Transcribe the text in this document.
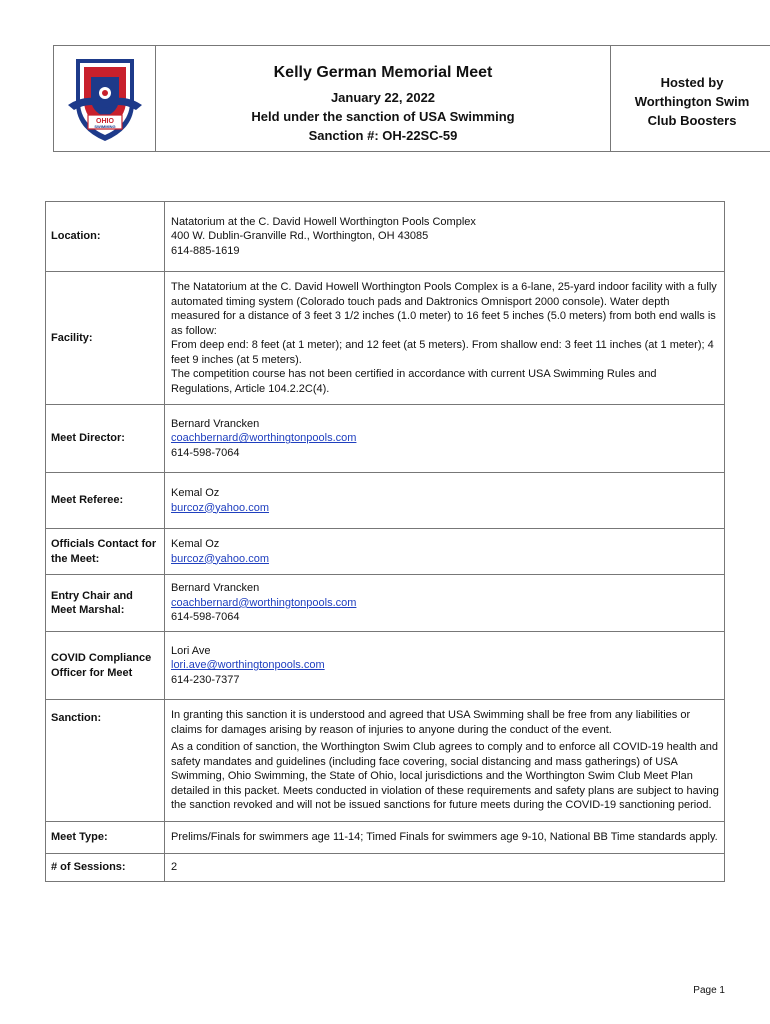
OHIO
SWIMMING
Kelly German Memorial Meet
January 22, 2022
Held under the sanction of USA Swimming
Sanction #: OH-22SC-59
Hosted by Worthington Swim Club Boosters
Location:	Natatorium at the C. David Howell Worthington Pools Complex
400 W. Dublin-Granville Rd., Worthington, OH 43085
614-885-1619

Facility:	The Natatorium at the C. David Howell Worthington Pools Complex is a 6-lane, 25-yard indoor facility with a fully automated timing system (Colorado touch pads and Daktronics Omnisport 2000 console). Water depth measured for a distance of 3 feet 3 1/2 inches (1.0 meter) to 16 feet 5 inches (5.0 meters) from both end walls is as follow:

From deep end: 8 feet (at 1 meter); and 12 feet (at 5 meters). From shallow end: 3 feet 11 inches (at 1 meter); 4 feet 9 inches (at 5 meters).

The competition course has not been certified in accordance with current USA Swimming Rules and Regulations, Article 104.2.2C(4).

Meet Director:	Bernard Vrancken
coachbernard@worthingtonpools.com
614-598-7064

Meet Referee:	Kemal Oz
burcoz@yahoo.com

Officials Contact for the Meet:	Kemal Oz
burcoz@yahoo.com

Entry Chair and Meet Marshal:	Bernard Vrancken
coachbernard@worthingtonpools.com
614-598-7064

COVID Compliance Officer for Meet	Lori Ave
lori.ave@worthingtonpools.com
614-230-7377

Sanction:	In granting this sanction it is understood and agreed that USA Swimming shall be free from any liabilities or claims for damages arising by reason of injuries to anyone during the conduct of the event.

As a condition of sanction, the Worthington Swim Club agrees to comply and to enforce all COVID-19 health and safety mandates and guidelines (including face covering, social distancing and mass gatherings) of USA Swimming, Ohio Swimming, the State of Ohio, local jurisdictions and the Worthington Swim Club Meet Plan detailed in this packet. Meets conducted in violation of these requirements and safety plans are subject to having the sanction revoked and will not be issued sanctions for future meets during the COVID-19 sanctioning period.

Meet Type:	Prelims/Finals for swimmers age 11-14; Timed Finals for swimmers age 9-10, National BB Time standards apply.
# of Sessions:	2
Page 1
